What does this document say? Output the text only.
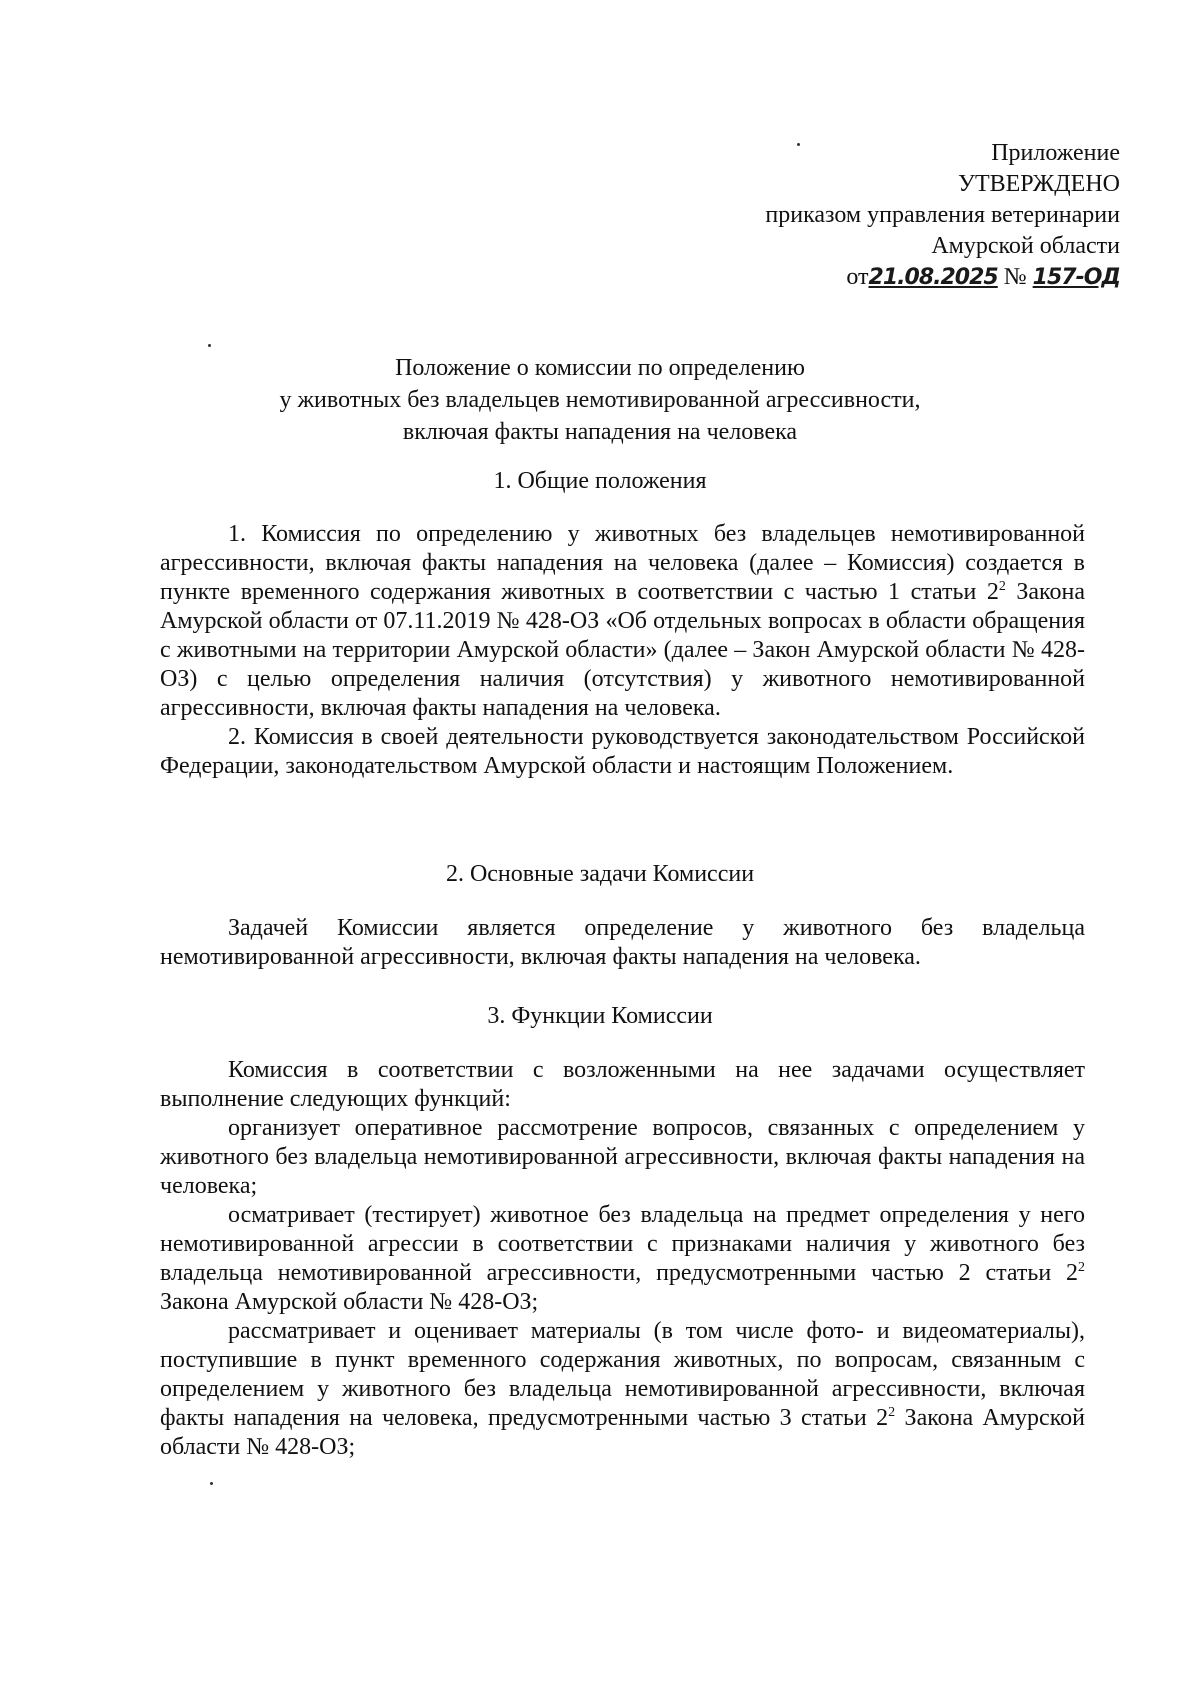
Приложение
УТВЕРЖДЕНО
приказом управления ветеринарии
Амурской области
от21.08.2025 № 157-ОД
Положение о комиссии по определению
у животных без владельцев немотивированной агрессивности,
включая факты нападения на человека
1. Общие положения

1. Комиссия по определению у животных без владельцев немотивированной агрессивности, включая факты нападения на человека (далее – Комиссия) создается в пункте временного содержания животных в соответствии с частью 1 статьи $2^2$ Закона Амурской области от 07.11.2019 № 428-ОЗ «Об отдельных вопросах в области обращения с животными на территории Амурской области» (далее – Закон Амурской области № 428-ОЗ) с целью определения наличия (отсутствия) у животного немотивированной агрессивности, включая факты нападения на человека.

2. Комиссия в своей деятельности руководствуется законодательством Российской Федерации, законодательством Амурской области и настоящим Положением.

2. Основные задачи Комиссии

Задачей Комиссии является определение у животного без владельца немотивированной агрессивности, включая факты нападения на человека.

3. Функции Комиссии

Комиссия в соответствии с возложенными на нее задачами осуществляет выполнение следующих функций:

организует оперативное рассмотрение вопросов, связанных с определением у животного без владельца немотивированной агрессивности, включая факты нападения на человека;

осматривает (тестирует) животное без владельца на предмет определения у него немотивированной агрессии в соответствии с признаками наличия у животного без владельца немотивированной агрессивности, предусмотренными частью 2 статьи $2^2$ Закона Амурской области № 428-ОЗ;

рассматривает и оценивает материалы (в том числе фото- и видеоматериалы), поступившие в пункт временного содержания животных, по вопросам, связанным с определением у животного без владельца немотивированной агрессивности, включая факты нападения на человека, предусмотренными частью 3 статьи $2^2$ Закона Амурской области № 428-ОЗ;
